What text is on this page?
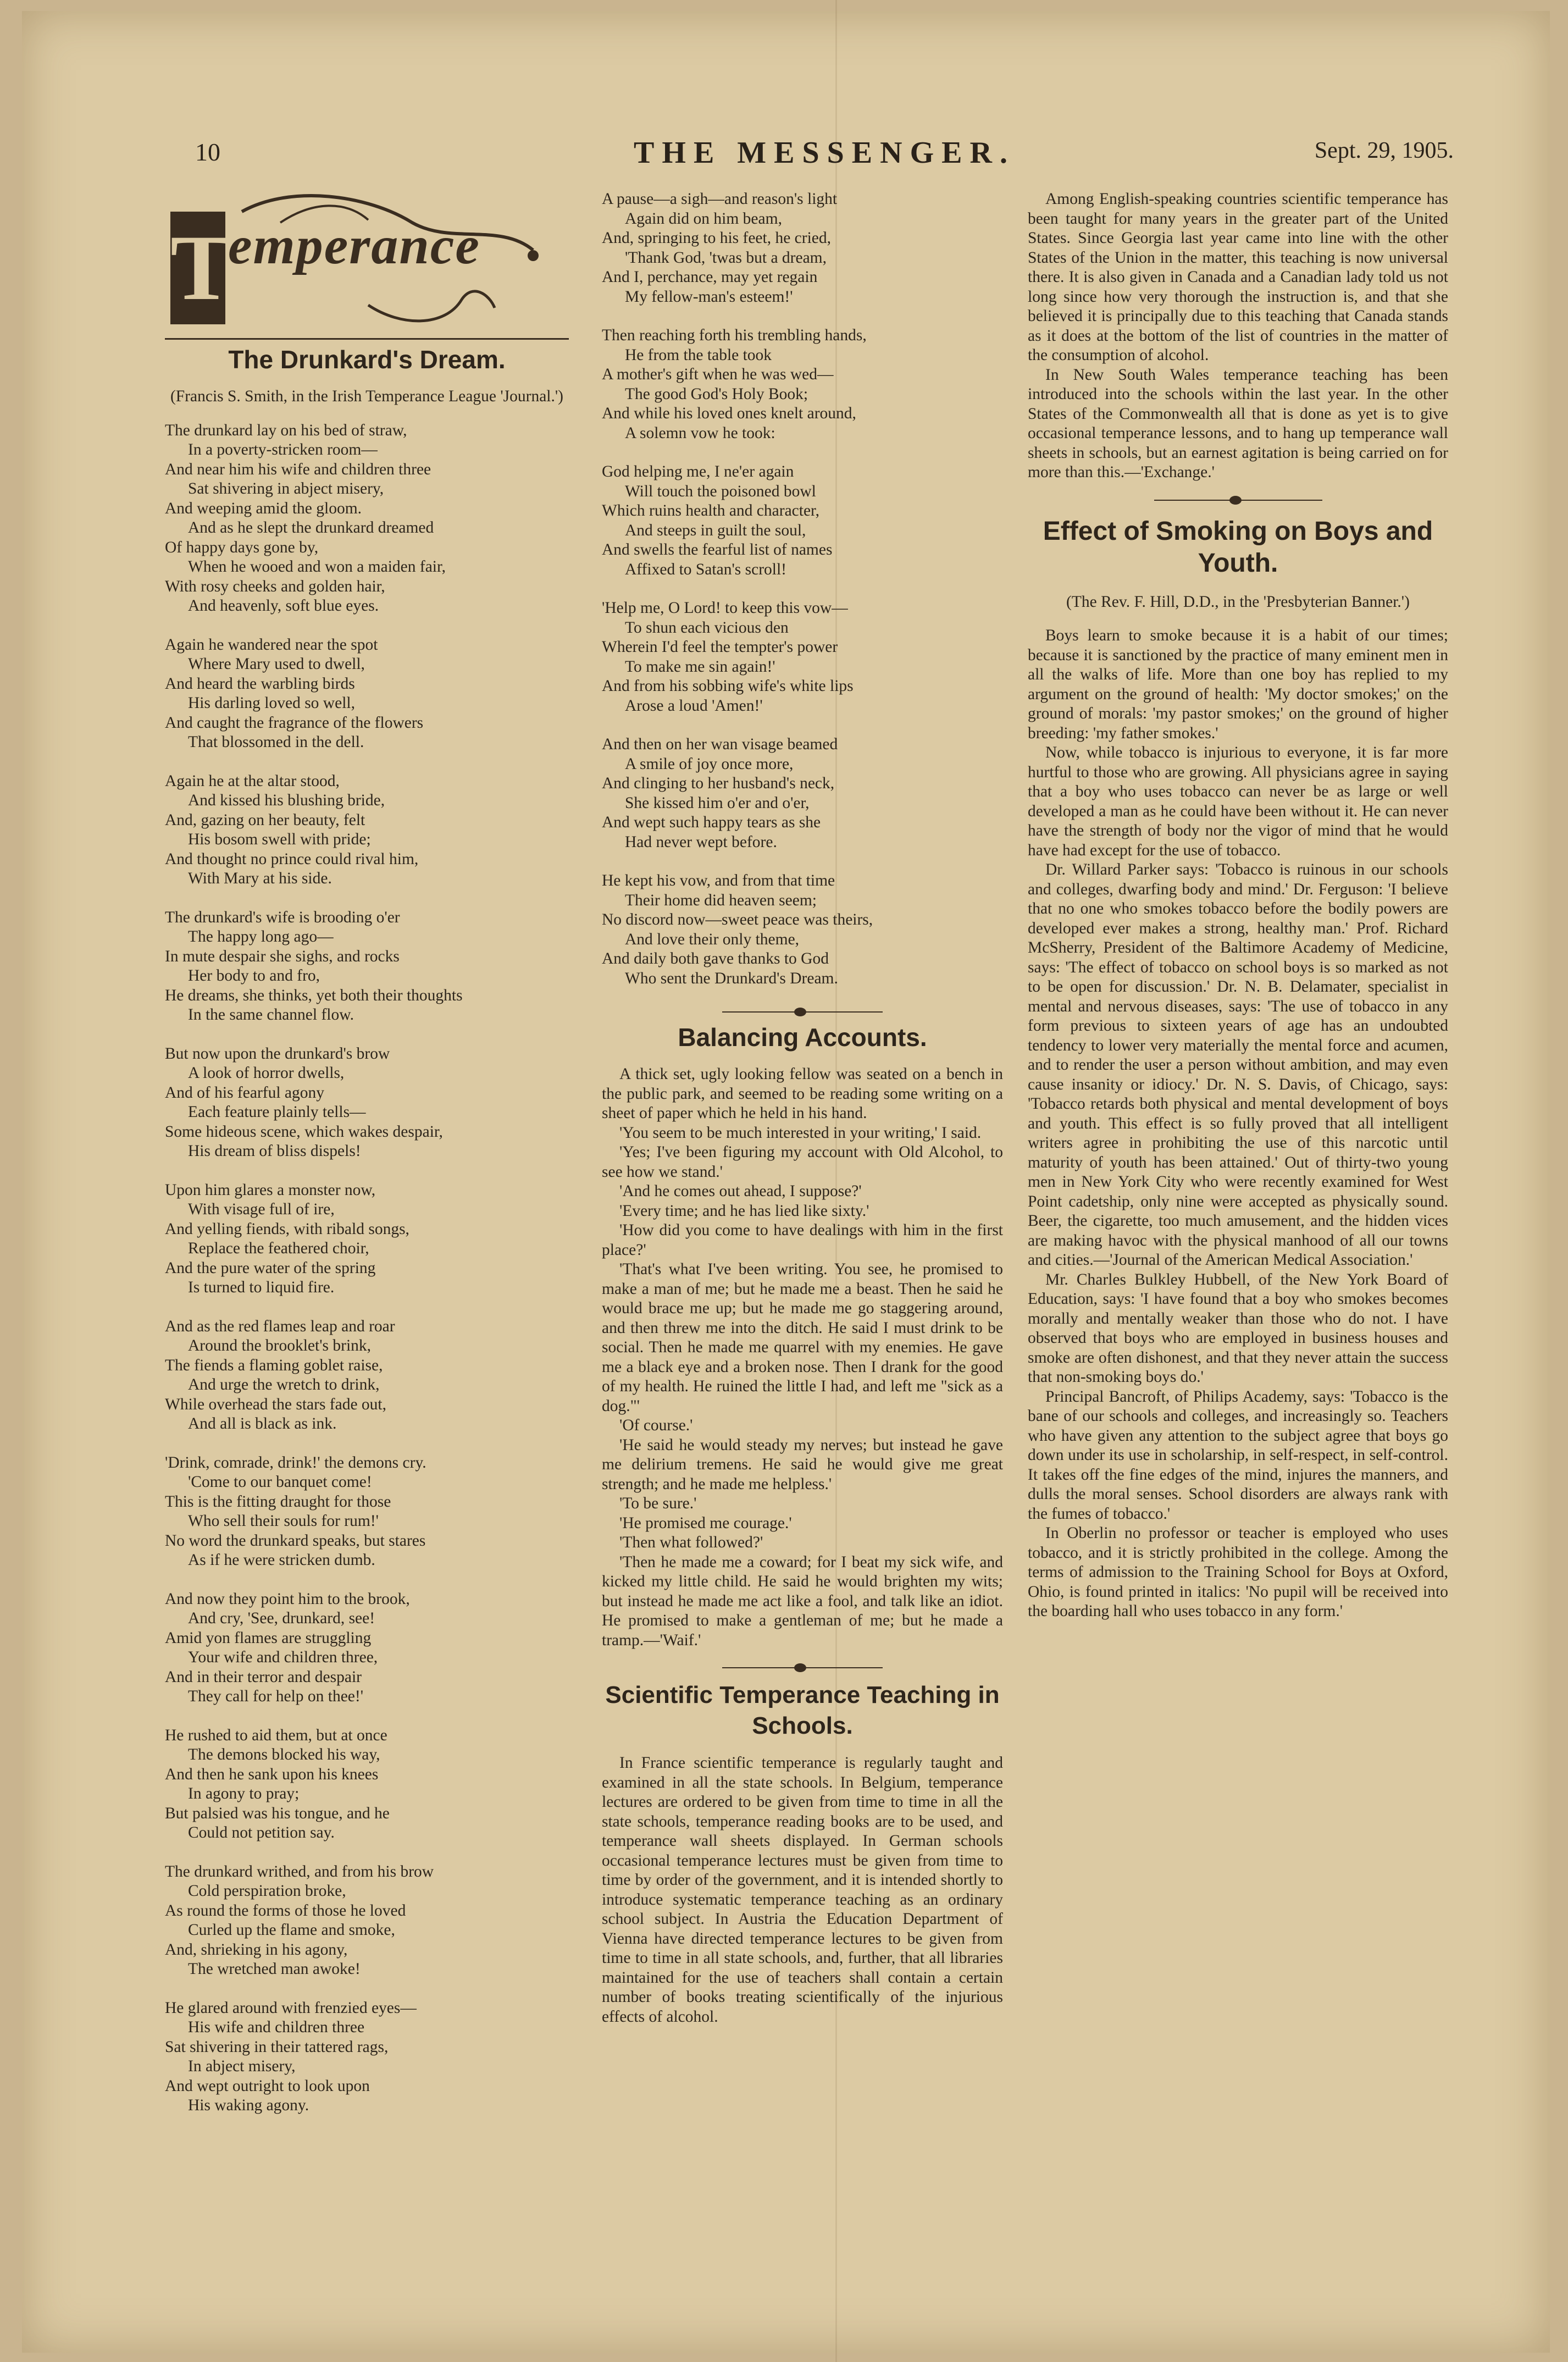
10	THE MESSENGER.	Sept. 29, 1905.
T
emperance
The Drunkard's Dream.
(Francis S. Smith, in the Irish Temperance League 'Journal.')
The drunkard lay on his bed of straw,
In a poverty-stricken room—
And near him his wife and children three
Sat shivering in abject misery,
And weeping amid the gloom.
And as he slept the drunkard dreamed
Of happy days gone by,
When he wooed and won a maiden fair,
With rosy cheeks and golden hair,
And heavenly, soft blue eyes.
Again he wandered near the spot
Where Mary used to dwell,
And heard the warbling birds
His darling loved so well,
And caught the fragrance of the flowers
That blossomed in the dell.
Again he at the altar stood,
And kissed his blushing bride,
And, gazing on her beauty, felt
His bosom swell with pride;
And thought no prince could rival him,
With Mary at his side.
The drunkard's wife is brooding o'er
The happy long ago—
In mute despair she sighs, and rocks
Her body to and fro,
He dreams, she thinks, yet both their thoughts
In the same channel flow.
But now upon the drunkard's brow
A look of horror dwells,
And of his fearful agony
Each feature plainly tells—
Some hideous scene, which wakes despair,
His dream of bliss dispels!
Upon him glares a monster now,
With visage full of ire,
And yelling fiends, with ribald songs,
Replace the feathered choir,
And the pure water of the spring
Is turned to liquid fire.
And as the red flames leap and roar
Around the brooklet's brink,
The fiends a flaming goblet raise,
And urge the wretch to drink,
While overhead the stars fade out,
And all is black as ink.
'Drink, comrade, drink!' the demons cry.
'Come to our banquet come!
This is the fitting draught for those
Who sell their souls for rum!'
No word the drunkard speaks, but stares
As if he were stricken dumb.
And now they point him to the brook,
And cry, 'See, drunkard, see!
Amid yon flames are struggling
Your wife and children three,
And in their terror and despair
They call for help on thee!'
He rushed to aid them, but at once
The demons blocked his way,
And then he sank upon his knees
In agony to pray;
But palsied was his tongue, and he
Could not petition say.
The drunkard writhed, and from his brow
Cold perspiration broke,
As round the forms of those he loved
Curled up the flame and smoke,
And, shrieking in his agony,
The wretched man awoke!
He glared around with frenzied eyes—
His wife and children three
Sat shivering in their tattered rags,
In abject misery,
And wept outright to look upon
His waking agony.
A pause—a sigh—and reason's light
Again did on him beam,
And, springing to his feet, he cried,
'Thank God, 'twas but a dream,
And I, perchance, may yet regain
My fellow-man's esteem!'
Then reaching forth his trembling hands,
He from the table took
A mother's gift when he was wed—
The good God's Holy Book;
And while his loved ones knelt around,
A solemn vow he took:
God helping me, I ne'er again
Will touch the poisoned bowl
Which ruins health and character,
And steeps in guilt the soul,
And swells the fearful list of names
Affixed to Satan's scroll!
'Help me, O Lord! to keep this vow—
To shun each vicious den
Wherein I'd feel the tempter's power
To make me sin again!'
And from his sobbing wife's white lips
Arose a loud 'Amen!'
And then on her wan visage beamed
A smile of joy once more,
And clinging to her husband's neck,
She kissed him o'er and o'er,
And wept such happy tears as she
Had never wept before.
He kept his vow, and from that time
Their home did heaven seem;
No discord now—sweet peace was theirs,
And love their only theme,
And daily both gave thanks to God
Who sent the Drunkard's Dream.
Balancing Accounts.

A thick set, ugly looking fellow was seated on a bench in the public park, and seemed to be reading some writing on a sheet of paper which he held in his hand.

'You seem to be much interested in your writing,' I said.

'Yes; I've been figuring my account with Old Alcohol, to see how we stand.'

'And he comes out ahead, I suppose?'

'Every time; and he has lied like sixty.'

'How did you come to have dealings with him in the first place?'

'That's what I've been writing. You see, he promised to make a man of me; but he made me a beast. Then he said he would brace me up; but he made me go staggering around, and then threw me into the ditch. He said I must drink to be social. Then he made me quarrel with my enemies. He gave me a black eye and a broken nose. Then I drank for the good of my health. He ruined the little I had, and left me "sick as a dog."'

'Of course.'

'He said he would steady my nerves; but instead he gave me delirium tremens. He said he would give me great strength; and he made me helpless.'

'To be sure.'

'He promised me courage.'

'Then what followed?'

'Then he made me a coward; for I beat my sick wife, and kicked my little child. He said he would brighten my wits; but instead he made me act like a fool, and talk like an idiot. He promised to make a gentleman of me; but he made a tramp.—'Waif.'

Scientific Temperance Teaching in Schools.

In France scientific temperance is regularly taught and examined in all the state schools. In Belgium, temperance lectures are ordered to be given from time to time in all the state schools, temperance reading books are to be used, and temperance wall sheets displayed. In German schools occasional temperance lectures must be given from time to time by order of the government, and it is intended shortly to introduce systematic temperance teaching as an ordinary school subject. In Austria the Education Department of Vienna have directed temperance lectures to be given from time to time in all state schools, and, further, that all libraries maintained for the use of teachers shall contain a certain number of books treating scientifically of the injurious effects of alcohol.

Among English-speaking countries scientific temperance has been taught for many years in the greater part of the United States. Since Georgia last year came into line with the other States of the Union in the matter, this teaching is now universal there. It is also given in Canada and a Canadian lady told us not long since how very thorough the instruction is, and that she believed it is principally due to this teaching that Canada stands as it does at the bottom of the list of countries in the matter of the consumption of alcohol.

In New South Wales temperance teaching has been introduced into the schools within the last year. In the other States of the Commonwealth all that is done as yet is to give occasional temperance lessons, and to hang up temperance wall sheets in schools, but an earnest agitation is being carried on for more than this.—'Exchange.'

Effect of Smoking on Boys and Youth.
(The Rev. F. Hill, D.D., in the 'Presbyterian Banner.')

Boys learn to smoke because it is a habit of our times; because it is sanctioned by the practice of many eminent men in all the walks of life. More than one boy has replied to my argument on the ground of health: 'My doctor smokes;' on the ground of morals: 'my pastor smokes;' on the ground of higher breeding: 'my father smokes.'

Now, while tobacco is injurious to everyone, it is far more hurtful to those who are growing. All physicians agree in saying that a boy who uses tobacco can never be as large or well developed a man as he could have been without it. He can never have the strength of body nor the vigor of mind that he would have had except for the use of tobacco.

Dr. Willard Parker says: 'Tobacco is ruinous in our schools and colleges, dwarfing body and mind.' Dr. Ferguson: 'I believe that no one who smokes tobacco before the bodily powers are developed ever makes a strong, healthy man.' Prof. Richard McSherry, President of the Baltimore Academy of Medicine, says: 'The effect of tobacco on school boys is so marked as not to be open for discussion.' Dr. N. B. Delamater, specialist in mental and nervous diseases, says: 'The use of tobacco in any form previous to sixteen years of age has an undoubted tendency to lower very materially the mental force and acumen, and to render the user a person without ambition, and may even cause insanity or idiocy.' Dr. N. S. Davis, of Chicago, says: 'Tobacco retards both physical and mental development of boys and youth. This effect is so fully proved that all intelligent writers agree in prohibiting the use of this narcotic until maturity of youth has been attained.' Out of thirty-two young men in New York City who were recently examined for West Point cadetship, only nine were accepted as physically sound. Beer, the cigarette, too much amusement, and the hidden vices are making havoc with the physical manhood of all our towns and cities.—'Journal of the American Medical Association.'

Mr. Charles Bulkley Hubbell, of the New York Board of Education, says: 'I have found that a boy who smokes becomes morally and mentally weaker than those who do not. I have observed that boys who are employed in business houses and smoke are often dishonest, and that they never attain the success that non-smoking boys do.'

Principal Bancroft, of Philips Academy, says: 'Tobacco is the bane of our schools and colleges, and increasingly so. Teachers who have given any attention to the subject agree that boys go down under its use in scholarship, in self-respect, in self-control. It takes off the fine edges of the mind, injures the manners, and dulls the moral senses. School disorders are always rank with the fumes of tobacco.'

In Oberlin no professor or teacher is employed who uses tobacco, and it is strictly prohibited in the college. Among the terms of admission to the Training School for Boys at Oxford, Ohio, is found printed in italics: 'No pupil will be received into the boarding hall who uses tobacco in any form.'
